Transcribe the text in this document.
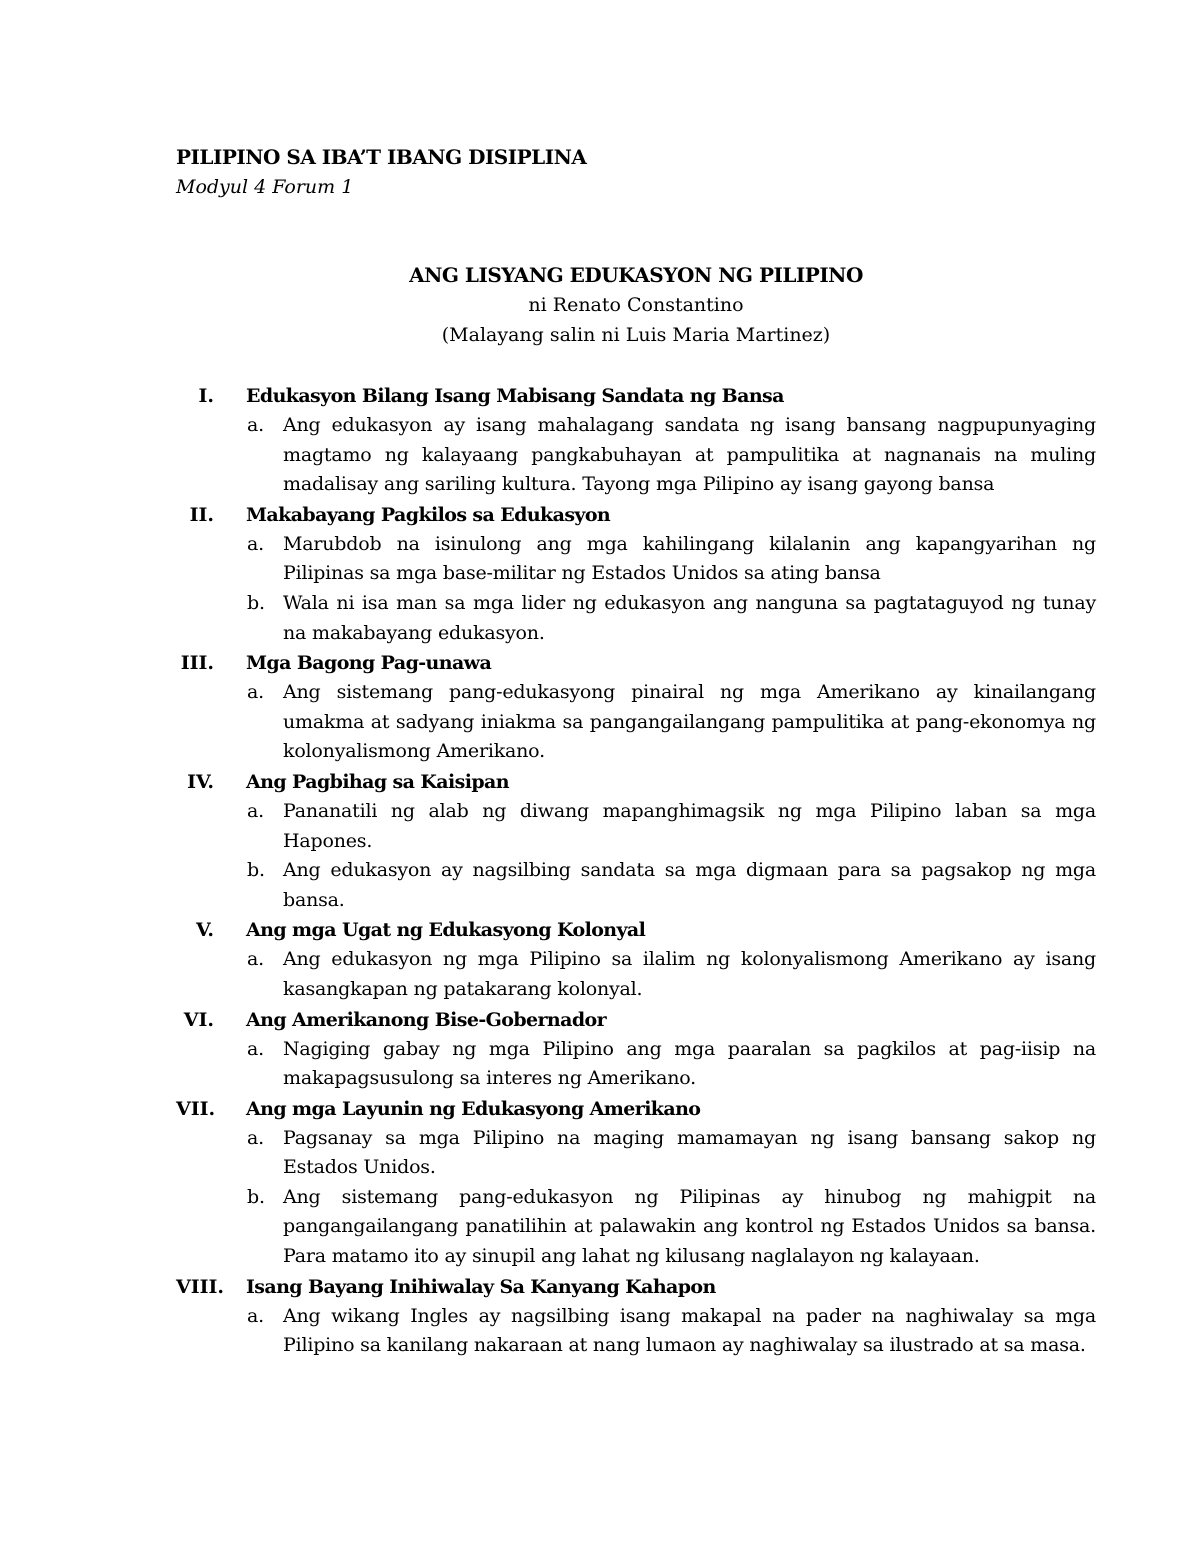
PILIPINO SA IBA’T IBANG DISIPLINA
Modyul 4 Forum 1
ANG LISYANG EDUKASYON NG PILIPINO
ni Renato Constantino
(Malayang salin ni Luis Maria Martinez)
I. Edukasyon Bilang Isang Mabisang Sandata ng Bansa
a. Ang edukasyon ay isang mahalagang sandata ng isang bansang nagpupunyaging magtamo ng kalayaang pangkabuhayan at pampulitika at nagnanais na muling madalisay ang sariling kultura. Tayong mga Pilipino ay isang gayong bansa
II. Makabayang Pagkilos sa Edukasyon
a. Marubdob na isinulong ang mga kahilingang kilalanin ang kapangyarihan ng Pilipinas sa mga base-militar ng Estados Unidos sa ating bansa
b. Wala ni isa man sa mga lider ng edukasyon ang nanguna sa pagtataguyod ng tunay na makabayang edukasyon.
III. Mga Bagong Pag-unawa
a. Ang sistemang pang-edukasyong pinairal ng mga Amerikano ay kinailangang umakma at sadyang iniakma sa pangangailangang pampulitika at pang-ekonomya ng kolonyalismong Amerikano.
IV. Ang Pagbihag sa Kaisipan
a. Pananatili ng alab ng diwang mapanghimagsik ng mga Pilipino laban sa mga Hapones.
b. Ang edukasyon ay nagsilbing sandata sa mga digmaan para sa pagsakop ng mga bansa.
V. Ang mga Ugat ng Edukasyong Kolonyal
a. Ang edukasyon ng mga Pilipino sa ilalim ng kolonyalismong Amerikano ay isang kasangkapan ng patakarang kolonyal.
VI. Ang Amerikanong Bise-Gobernador
a. Nagiging gabay ng mga Pilipino ang mga paaralan sa pagkilos at pag-iisip na makapagsusulong sa interes ng Amerikano.
VII. Ang mga Layunin ng Edukasyong Amerikano
a. Pagsanay sa mga Pilipino na maging mamamayan ng isang bansang sakop ng Estados Unidos.
b. Ang sistemang pang-edukasyon ng Pilipinas ay hinubog ng mahigpit na pangangailangang panatilihin at palawakin ang kontrol ng Estados Unidos sa bansa. Para matamo ito ay sinupil ang lahat ng kilusang naglalayon ng kalayaan.
VIII. Isang Bayang Inihiwalay Sa Kanyang Kahapon
a. Ang wikang Ingles ay nagsilbing isang makapal na pader na naghiwalay sa mga Pilipino sa kanilang nakaraan at nang lumaon ay naghiwalay sa ilustrado at sa masa.
